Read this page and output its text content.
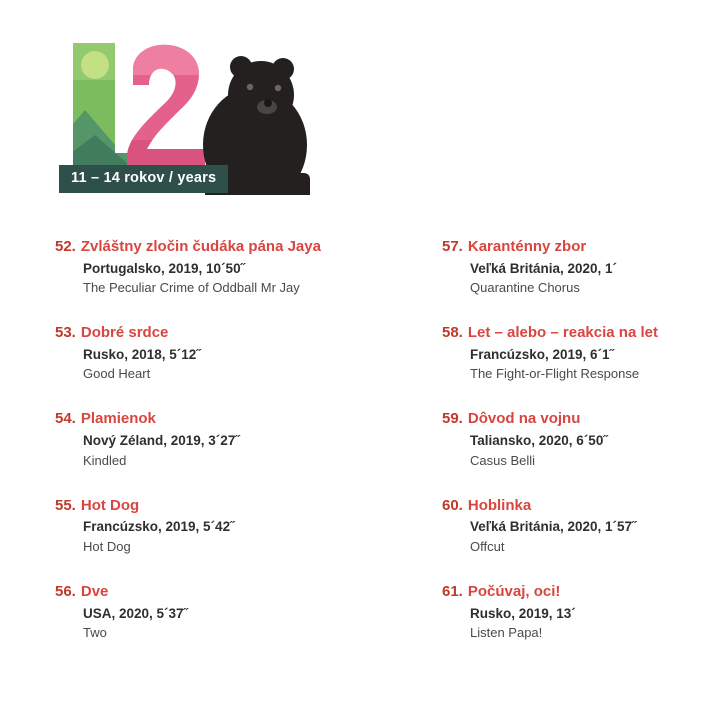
11 – 14 rokov / years
52. Zvláštny zločin čudáka pána Jaya
Portugalsko, 2019, 10´50˝
The Peculiar Crime of Oddball Mr Jay
53. Dobré srdce
Rusko, 2018, 5´12˝
Good Heart
54. Plamienok
Nový Zéland, 2019, 3´27˝
Kindled
55. Hot Dog
Francúzsko, 2019, 5´42˝
Hot Dog
56. Dve
USA, 2020, 5´37˝
Two
57. Karanténny zbor
Veľká Británia, 2020, 1´
Quarantine Chorus
58. Let – alebo – reakcia na let
Francúzsko, 2019, 6´1˝
The Fight-or-Flight Response
59. Dôvod na vojnu
Taliansko, 2020, 6´50˝
Casus Belli
60. Hoblinka
Veľká Británia, 2020, 1´57˝
Offcut
61. Počúvaj, oci!
Rusko, 2019, 13´
Listen Papa!
